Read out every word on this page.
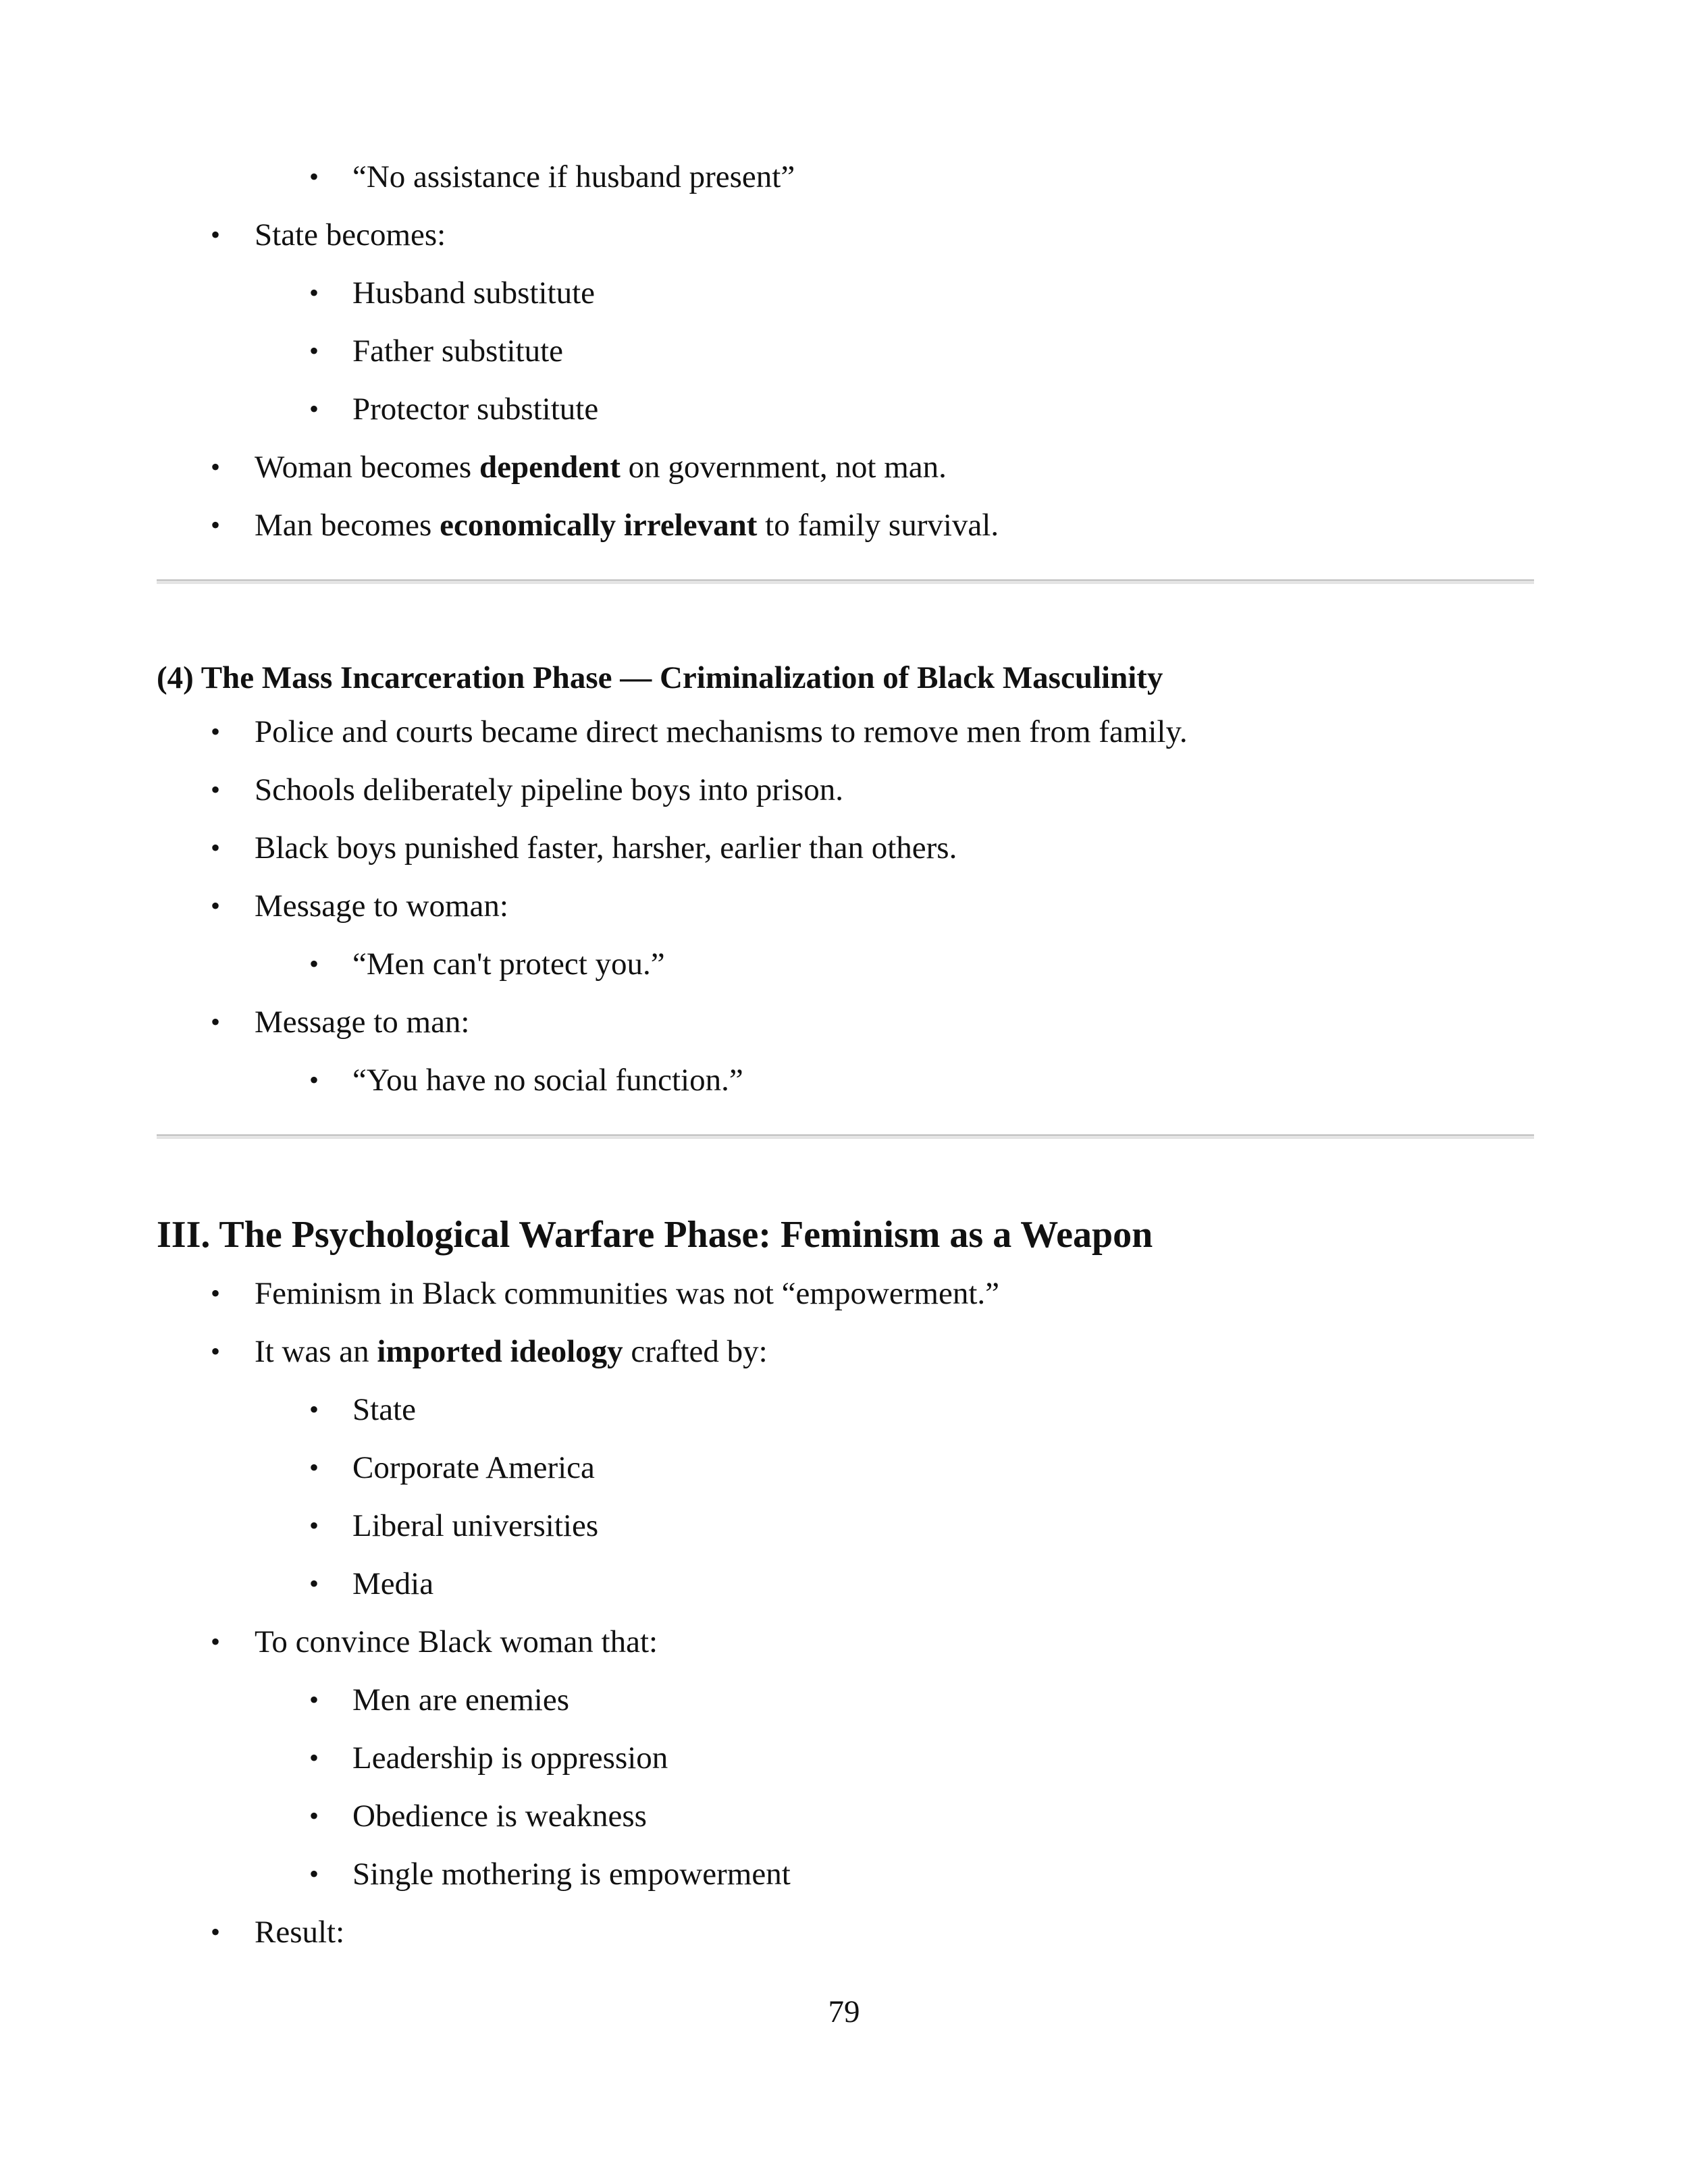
• “No assistance if husband present”
• State becomes:
• Husband substitute
• Father substitute
• Protector substitute
• Woman becomes dependent on government, not man.
• Man becomes economically irrelevant to family survival.
(4) The Mass Incarceration Phase — Criminalization of Black Masculinity
• Police and courts became direct mechanisms to remove men from family.
• Schools deliberately pipeline boys into prison.
• Black boys punished faster, harsher, earlier than others.
• Message to woman:
• “Men can't protect you.”
• Message to man:
• “You have no social function.”
III. The Psychological Warfare Phase: Feminism as a Weapon
• Feminism in Black communities was not “empowerment.”
• It was an imported ideology crafted by:
• State
• Corporate America
• Liberal universities
• Media
• To convince Black woman that:
• Men are enemies
• Leadership is oppression
• Obedience is weakness
• Single mothering is empowerment
• Result:
79
